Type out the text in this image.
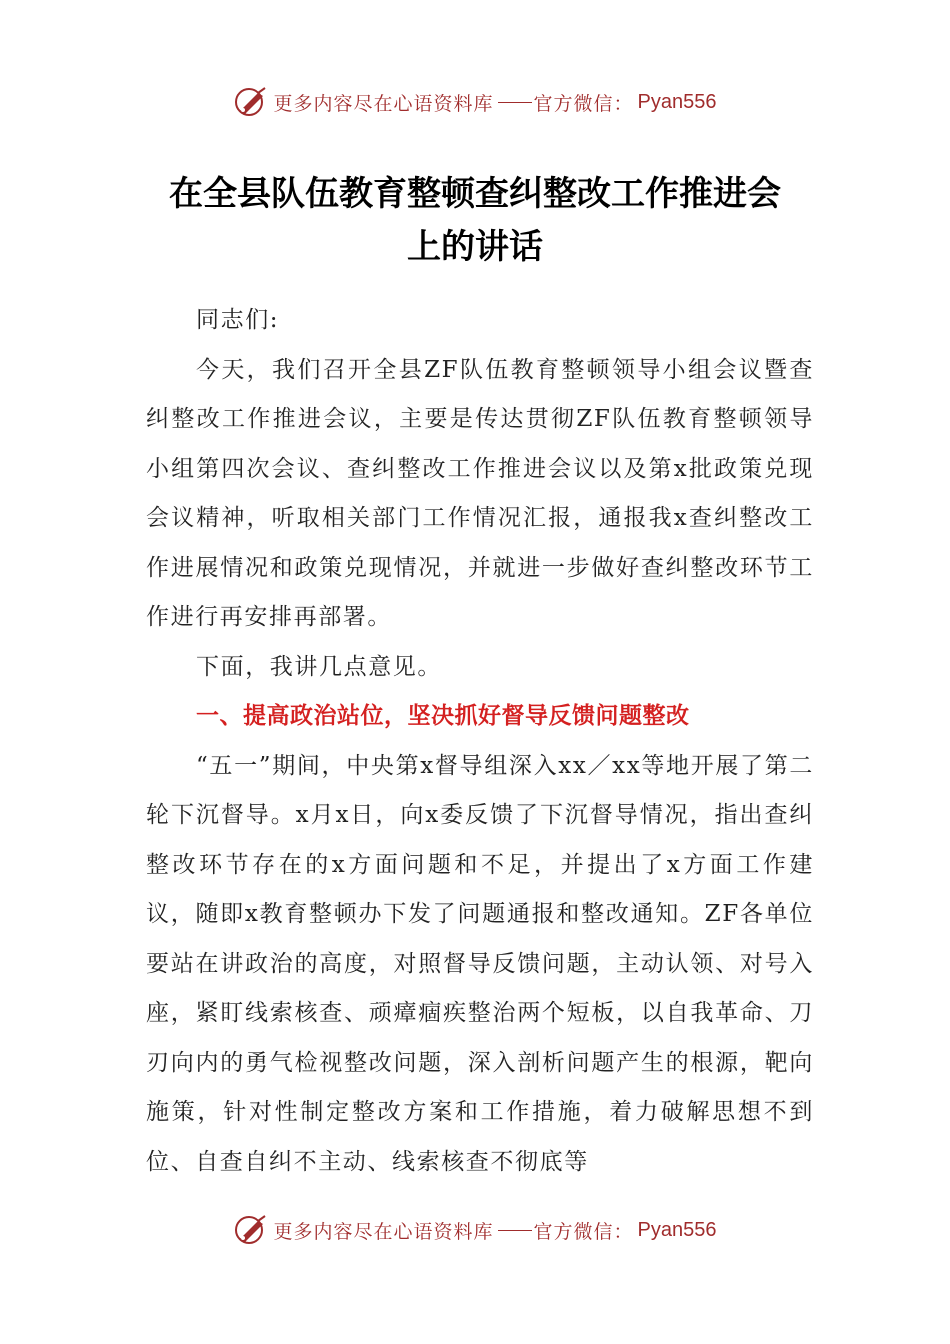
更多内容尽在心语资料库 官方微信： Pyan556
在全县队伍教育整顿查纠整改工作推进会
上的讲话

同志们:

今天，我们召开全县ZF队伍教育整顿领导小组会议暨查纠整改工作推进会议，主要是传达贯彻ZF队伍教育整顿领导小组第四次会议、查纠整改工作推进会议以及第x批政策兑现会议精神，听取相关部门工作情况汇报，通报我x查纠整改工作进展情况和政策兑现情况，并就进一步做好查纠整改环节工作进行再安排再部署。

下面，我讲几点意见。

一、提高政治站位，坚决抓好督导反馈问题整改

“五一”期间，中央第x督导组深入xx／xx等地开展了第二轮下沉督导。x月x日，向x委反馈了下沉督导情况，指出查纠整改环节存在的x方面问题和不足，并提出了x方面工作建议，随即x教育整顿办下发了问题通报和整改通知。ZF各单位要站在讲政治的高度，对照督导反馈问题，主动认领、对号入座，紧盯线索核查、顽瘴痼疾整治两个短板，以自我革命、刀刃向内的勇气检视整改问题，深入剖析问题产生的根源，靶向施策，针对性制定整改方案和工作措施，着力破解思想不到位、自查自纠不主动、线索核查不彻底等

更多内容尽在心语资料库 官方微信： Pyan556
